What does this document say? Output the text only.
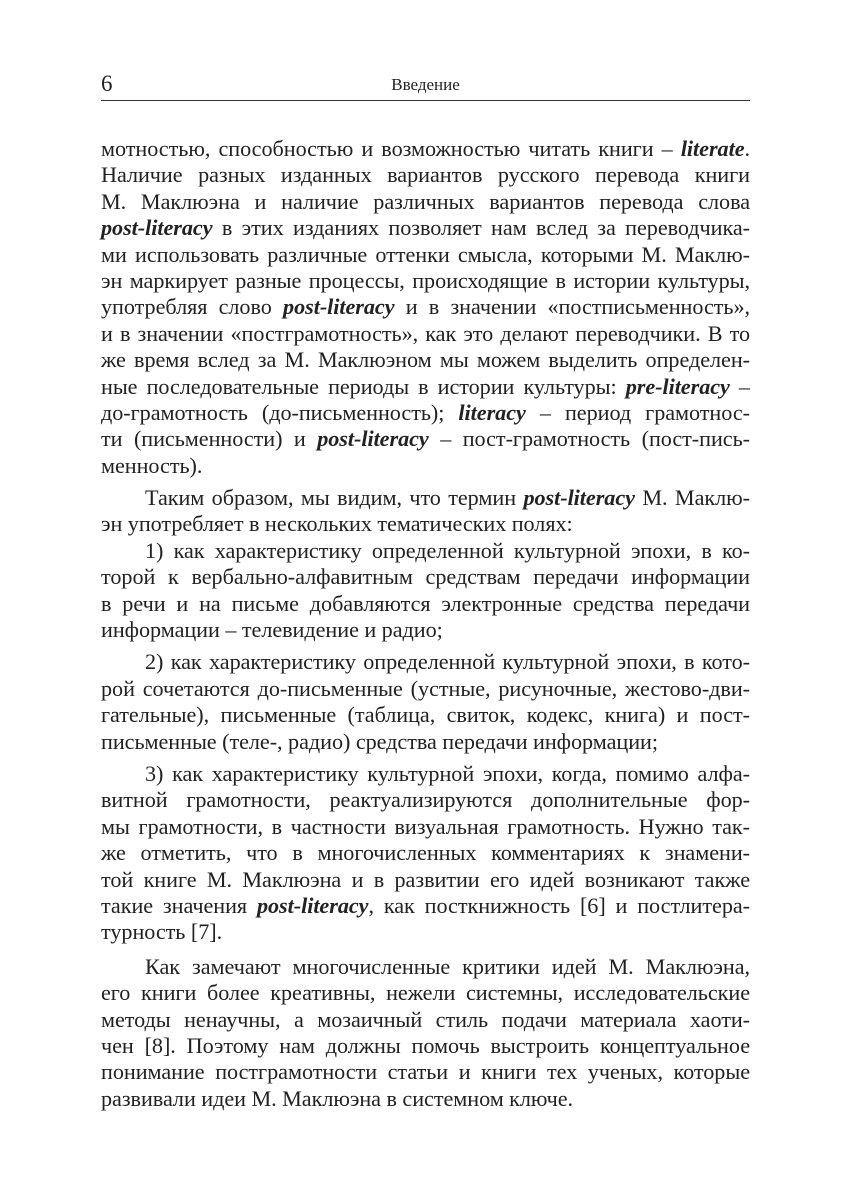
6	Введение

мотностью, способностью и возможностью читать книги – literate.
Наличие разных изданных вариантов русского перевода книги
М. Маклюэна и наличие различных вариантов перевода слова
post-literacy в этих изданиях позволяет нам вслед за переводчика-
ми использовать различные оттенки смысла, которыми М. Маклю-
эн маркирует разные процессы, происходящие в истории культуры,
употребляя слово post-literacy и в значении «постписьменность»,
и в значении «постграмотность», как это делают переводчики. В то
же время вслед за М. Маклюэном мы можем выделить определен-
ные последовательные периоды в истории культуры: pre-literacy –
до-грамотность (до-письменность); literacy – период грамотнос-
ти (письменности) и post-literacy – пост-грамотность (пост-пись-
менность).

Таким образом, мы видим, что термин post-literacy М. Маклю-
эн употребляет в нескольких тематических полях:

1) как характеристику определенной культурной эпохи, в ко-
торой к вербально-алфавитным средствам передачи информации
в речи и на письме добавляются электронные средства передачи
информации – телевидение и радио;

2) как характеристику определенной культурной эпохи, в кото-
рой сочетаются до-письменные (устные, рисуночные, жестово-дви-
гательные), письменные (таблица, свиток, кодекс, книга) и пост-
письменные (теле-, радио) средства передачи информации;

3) как характеристику культурной эпохи, когда, помимо алфа-
витной грамотности, реактуализируются дополнительные фор-
мы грамотности, в частности визуальная грамотность. Нужно так-
же отметить, что в многочисленных комментариях к знамени-
той книге М. Маклюэна и в развитии его идей возникают также
такие значения post-literacy, как посткнижность [6] и постлитера-
турность [7].

Как замечают многочисленные критики идей М. Маклюэна,
его книги более креативны, нежели системны, исследовательские
методы ненаучны, а мозаичный стиль подачи материала хаоти-
чен [8]. Поэтому нам должны помочь выстроить концептуальное
понимание постграмотности статьи и книги тех ученых, которые
развивали идеи М. Маклюэна в системном ключе.
